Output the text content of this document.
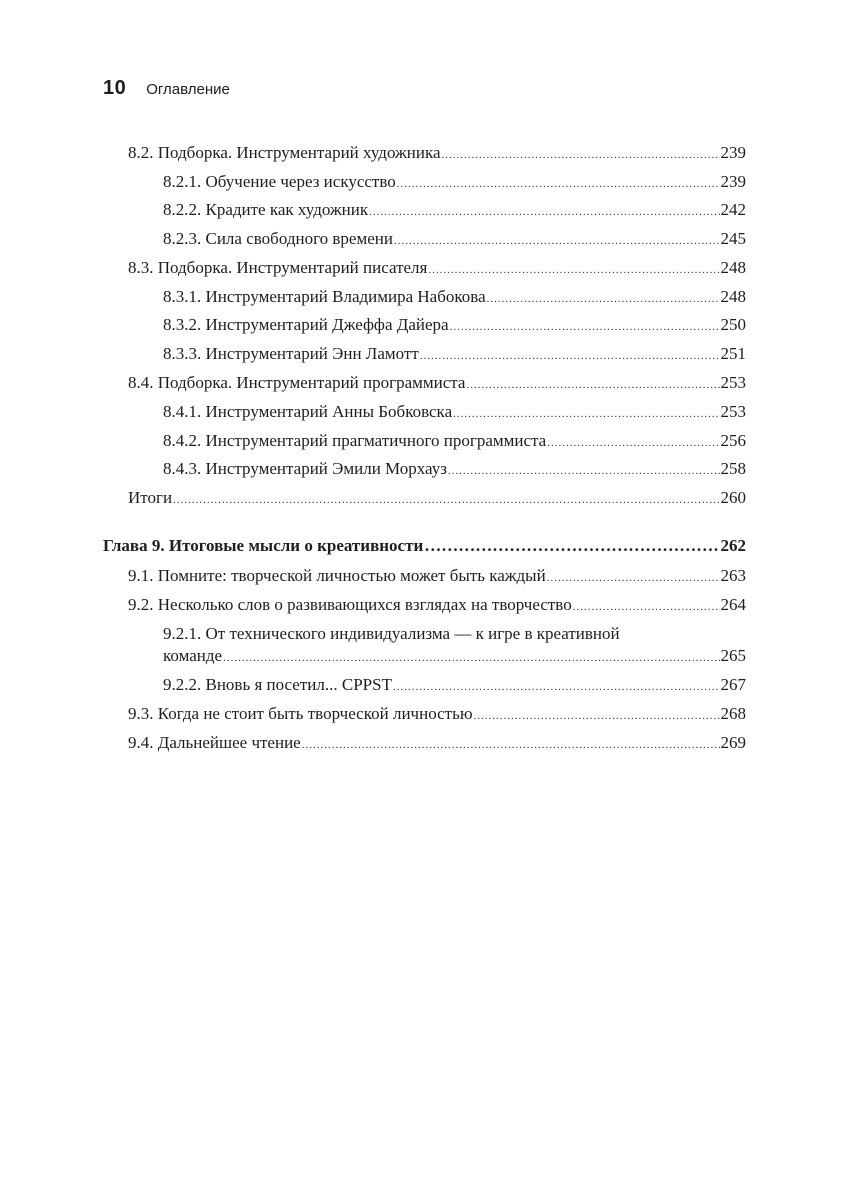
10 Оглавление
8.2. Подборка. Инструментарий художника .....	239
8.2.1. Обучение через искусство .....	239
8.2.2. Крадите как художник .....	242
8.2.3. Сила свободного времени .....	245
8.3. Подборка. Инструментарий писателя .....	248
8.3.1. Инструментарий Владимира Набокова .....	248
8.3.2. Инструментарий Джеффа Дайера .....	250
8.3.3. Инструментарий Энн Ламотт .....	251
8.4. Подборка. Инструментарий программиста .....	253
8.4.1. Инструментарий Анны Бобковска .....	253
8.4.2. Инструментарий прагматичного программиста .....	256
8.4.3. Инструментарий Эмили Морхауз .....	258
Итоги .....	260
Глава 9. Итоговые мысли о креативности ………………………………………………………………………………………………………………………………………………	262
9.1. Помните: творческой личностью может быть каждый .....	263
9.2. Несколько слов о развивающихся взглядах на творчество .....	264
9.2.1. От технического индивидуализма — к игре в креативной
команде .....	265
9.2.2. Вновь я посетил... CPPST .....	267
9.3. Когда не стоит быть творческой личностью .....	268
9.4. Дальнейшее чтение .....	269
